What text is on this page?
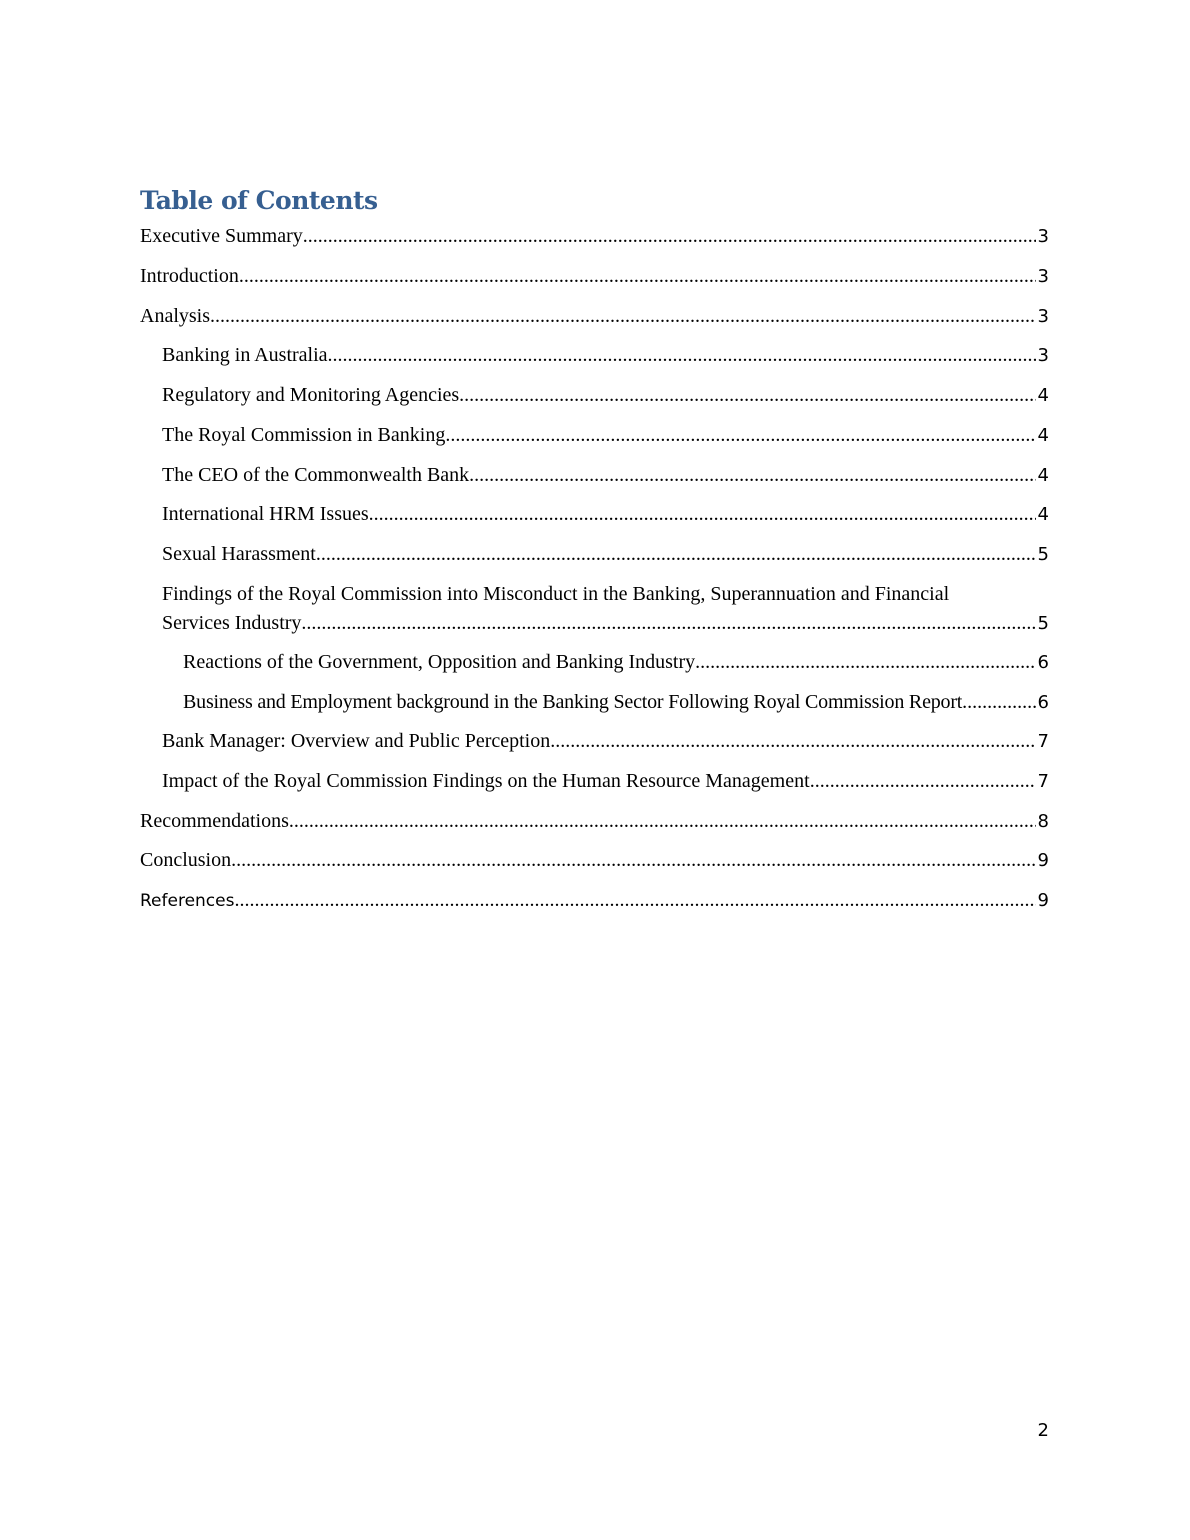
Table of Contents
Executive Summary .....	3
Introduction .....	3
Analysis .....	3
Banking in Australia .....	3
Regulatory and Monitoring Agencies .....	4
The Royal Commission in Banking .....	4
The CEO of the Commonwealth Bank .....	4
International HRM Issues .....	4
Sexual Harassment .....	5
Findings of the Royal Commission into Misconduct in the Banking, Superannuation and Financial
Services Industry .....	5
Reactions of the Government, Opposition and Banking Industry .....	6
Business and Employment background in the Banking Sector Following Royal Commission Report .....	6
Bank Manager: Overview and Public Perception .....	7
Impact of the Royal Commission Findings on the Human Resource Management .....	7
Recommendations .....	8
Conclusion .....	9
References .....	9
2
